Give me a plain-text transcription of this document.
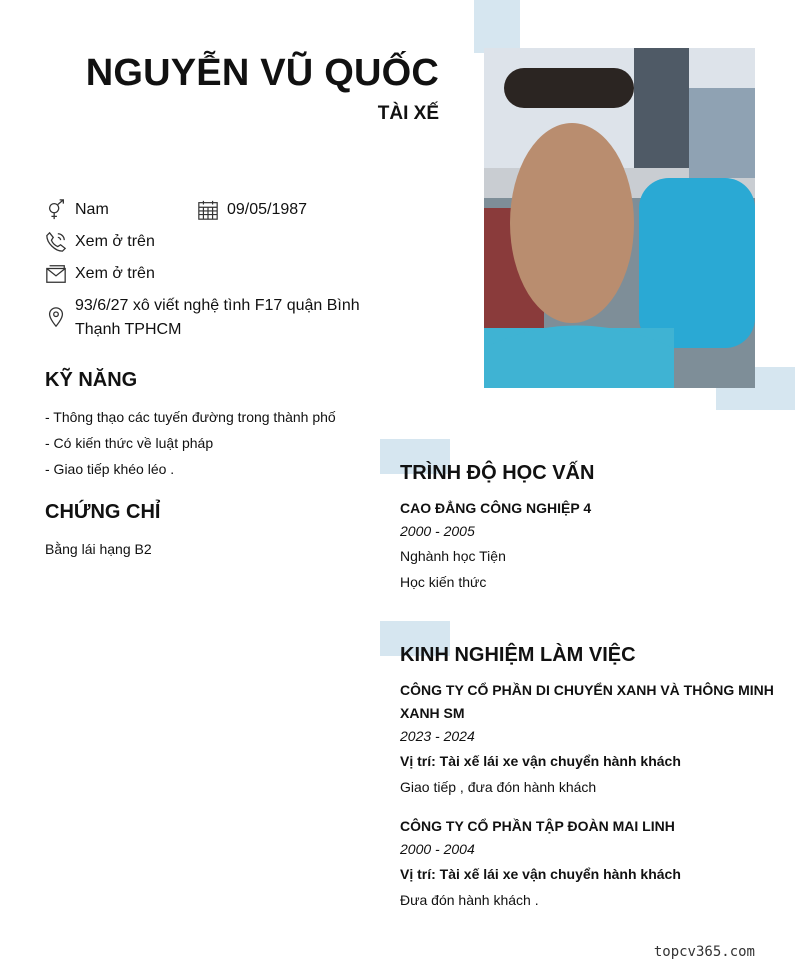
NGUYỄN VŨ QUỐC
TÀI XẾ
Nam	09/05/1987
Xem ở trên
Xem ở trên
93/6/27 xô viết nghệ tình F17 quận Bình
Thạnh TPHCM
KỸ NĂNG
- Thông thạo các tuyến đường trong thành phố
- Có kiến thức về luật pháp
- Giao tiếp khéo léo .
CHỨNG CHỈ
Bằng lái hạng B2
TRÌNH ĐỘ HỌC VẤN
CAO ĐẲNG CÔNG NGHIỆP 4
2000 - 2005
Nghành học Tiện
Học kiến thức
KINH NGHIỆM LÀM VIỆC
CÔNG TY CỔ PHẦN DI CHUYỂN XANH VÀ THÔNG MINH
XANH SM
2023 - 2024
Vị trí: Tài xế lái xe vận chuyển hành khách
Giao tiếp , đưa đón hành khách
CÔNG TY CỔ PHẦN TẬP ĐOÀN MAI LINH
2000 - 2004
Vị trí: Tài xế lái xe vận chuyển hành khách
Đưa đón hành khách .
topcv365.com
